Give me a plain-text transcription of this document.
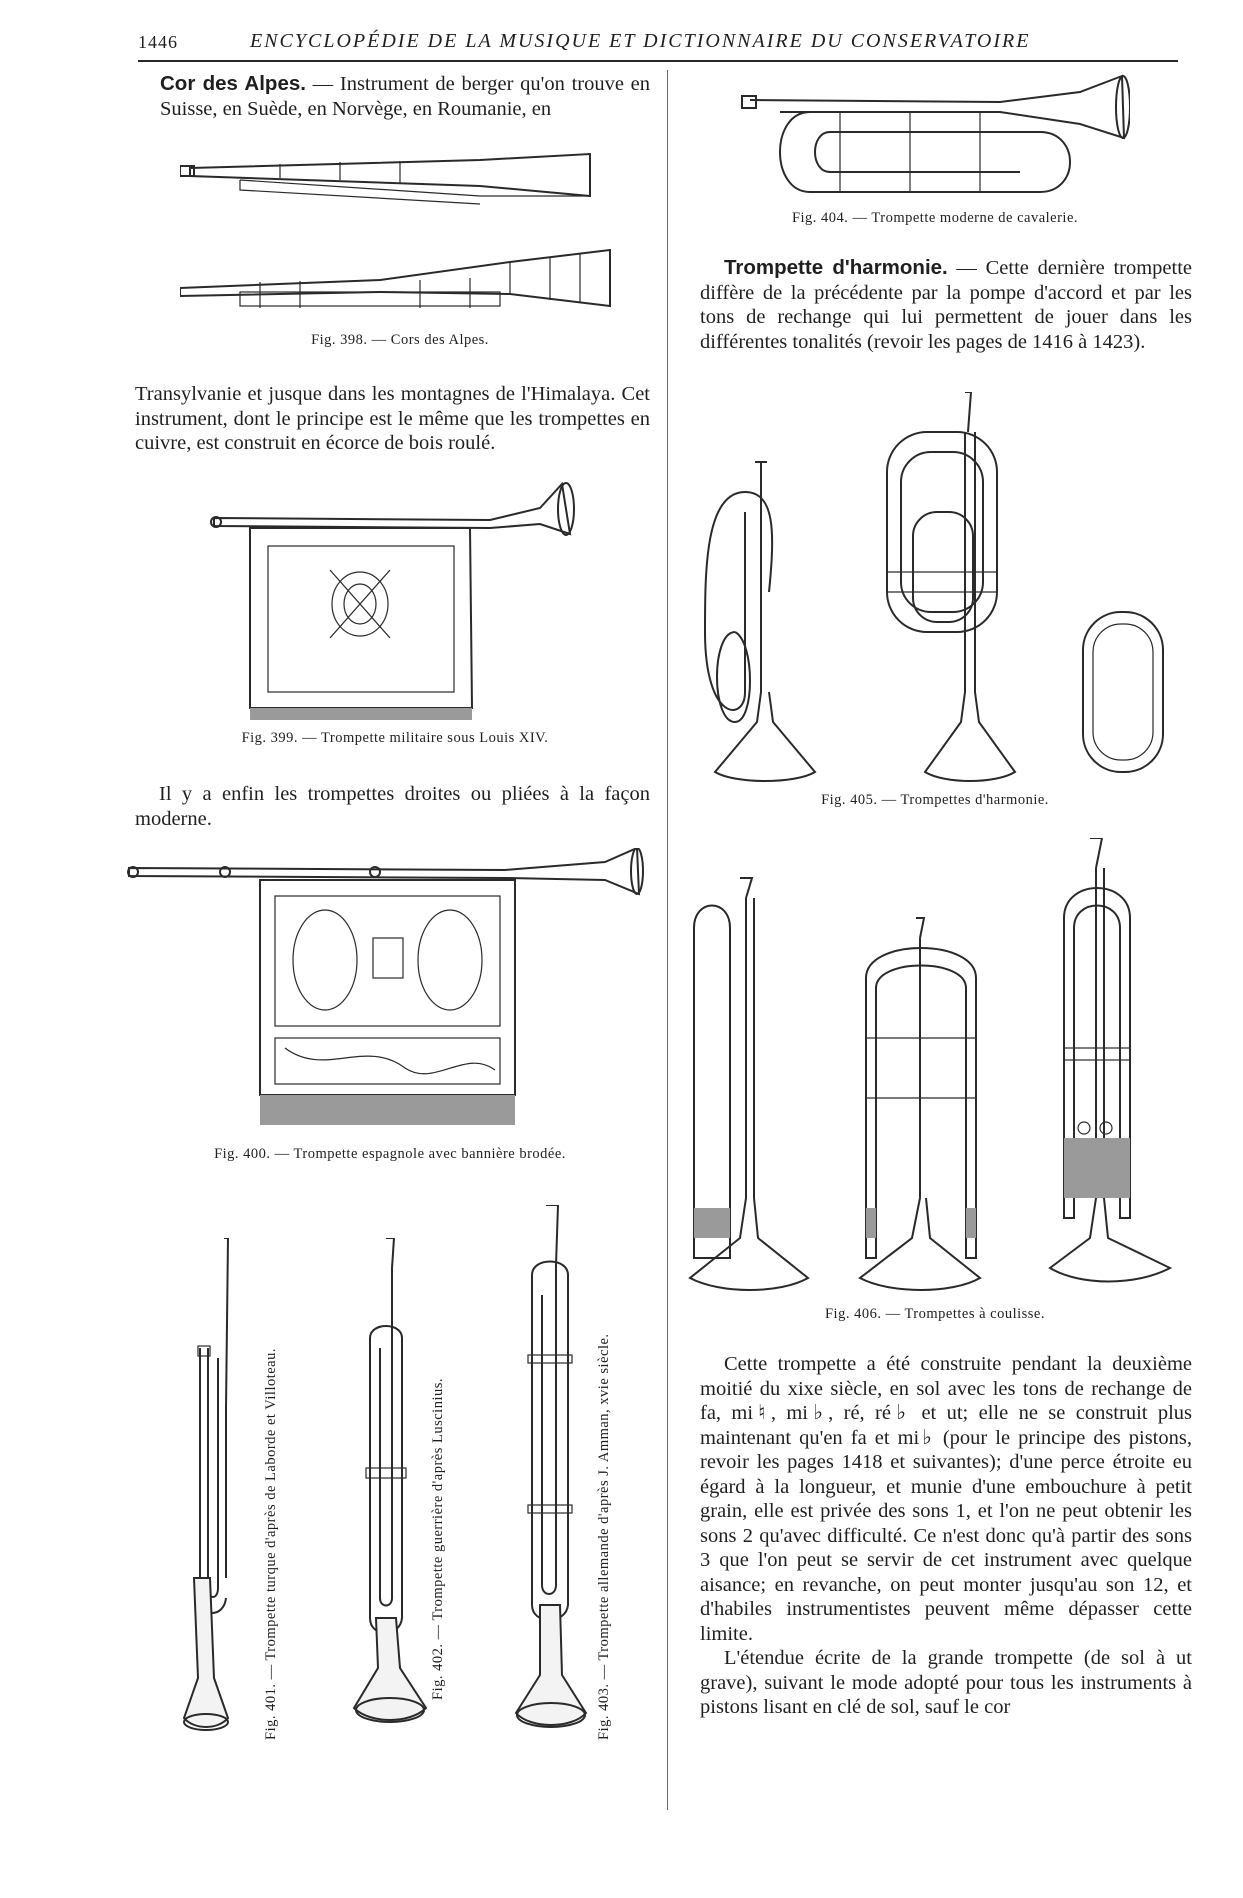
1446	ENCYCLOPÉDIE DE LA MUSIQUE ET DICTIONNAIRE DU CONSERVATOIRE

Cor des Alpes. — Instrument de berger qu'on trouve en Suisse, en Suède, en Norvège, en Roumanie, en

Fig. 398. — Cors des Alpes.

Transylvanie et jusque dans les montagnes de l'Himalaya. Cet instrument, dont le principe est le même que les trompettes en cuivre, est construit en écorce de bois roulé.

Fig. 399. — Trompette militaire sous Louis XIV.

Il y a enfin les trompettes droites ou pliées à la façon moderne.

Fig. 400. — Trompette espagnole avec bannière brodée.
Fig. 401. — Trompette turque d'après de Laborde et Villoteau.	Fig. 402. — Trompette guerrière d'après Luscinius.	Fig. 403. — Trompette allemande d'après J. Amman, xvie siècle.
Fig. 404. — Trompette moderne de cavalerie.

Trompette d'harmonie. — Cette dernière trompette diffère de la précédente par la pompe d'accord et par les tons de rechange qui lui permettent de jouer dans les différentes tonalités (revoir les pages de 1416 à 1423).

Fig. 405. — Trompettes d'harmonie.
Fig. 406. — Trompettes à coulisse.

Cette trompette a été construite pendant la deuxième moitié du xixe siècle, en sol avec les tons de rechange de fa, mi♮, mi♭, ré, ré♭ et ut; elle ne se construit plus maintenant qu'en fa et mi♭ (pour le principe des pistons, revoir les pages 1418 et suivantes); d'une perce étroite eu égard à la longueur, et munie d'une embouchure à petit grain, elle est privée des sons 1, et l'on ne peut obtenir les sons 2 qu'avec difficulté. Ce n'est donc qu'à partir des sons 3 que l'on peut se servir de cet instrument avec quelque aisance; en revanche, on peut monter jusqu'au son 12, et d'habiles instrumentistes peuvent même dépasser cette limite.

L'étendue écrite de la grande trompette (de sol à ut grave), suivant le mode adopté pour tous les instruments à pistons lisant en clé de sol, sauf le cor
